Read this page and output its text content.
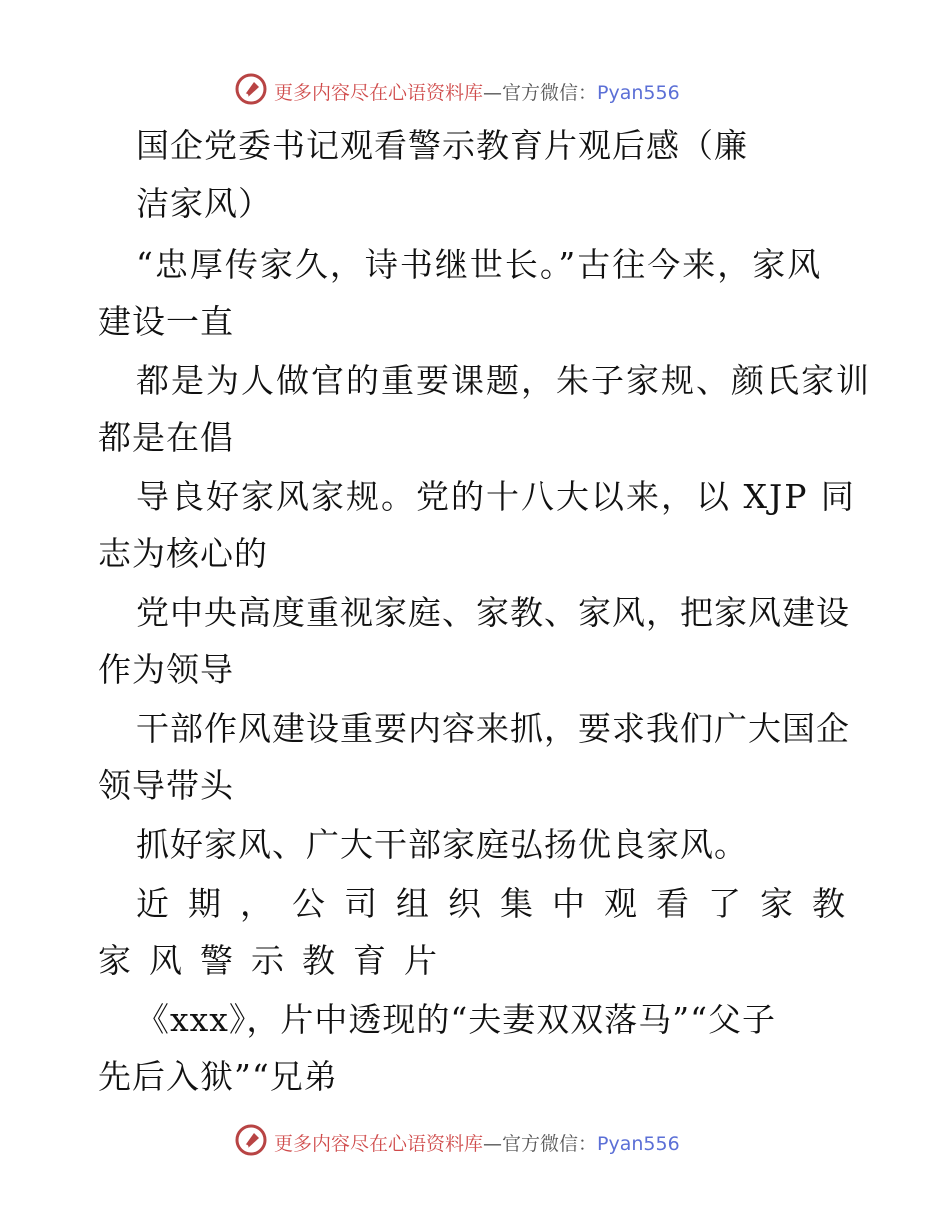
更多内容尽在心语资料库—官方微信：Pyan556
国企党委书记观看警示教育片观后感（廉
洁家风）
“忠厚传家久，诗书继世长。”古往今来，家风
建设一直
都是为人做官的重要课题，朱子家规、颜氏家训
都是在倡
导良好家风家规。党的十八大以来，以 XJP 同
志为核心的
党中央高度重视家庭、家教、家风，把家风建设
作为领导
干部作风建设重要内容来抓，要求我们广大国企
领导带头
抓好家风、广大干部家庭弘扬优良家风。
近期，公司组织集中观看了家教
家风警示教育片
《xxx》，片中透现的“夫妻双双落马”“父子
先后入狱”“兄弟
更多内容尽在心语资料库—官方微信：Pyan556
